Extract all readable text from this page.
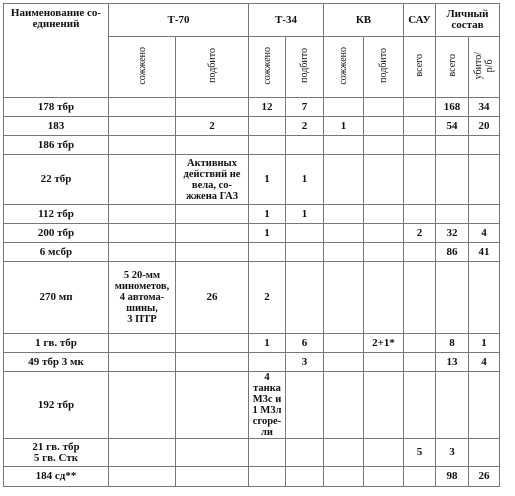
Наименование со-
единений	Т-70		Т-34		КВ		САУ	Личный
состав	
	сожжено	подбито	сожжено	подбито	сожжено	подбито	всего	всего	убито/
р/б
178 тбр			12	7				168	34
183		2		2	1			54	20
186 тбр									
22 тбр		Активных
действий не
вела, со-
жжена ГАЗ	1	1					
112 тбр			1	1					
200 тбр			1				2	32	4
6 мсбр								86	41
270 мп	5 20-мм
минометов,
4 автома-
шины,
3 ПТР	26	2						
1 гв. тбр			1	6		2+1*		8	1
49 тбр 3 мк				3				13	4
192 тбр			4 танка
М3с и
1 М3л
сгоре-
ли						
21 гв. тбр
5 гв. Стк							5	3	
184 сд**								98	26
